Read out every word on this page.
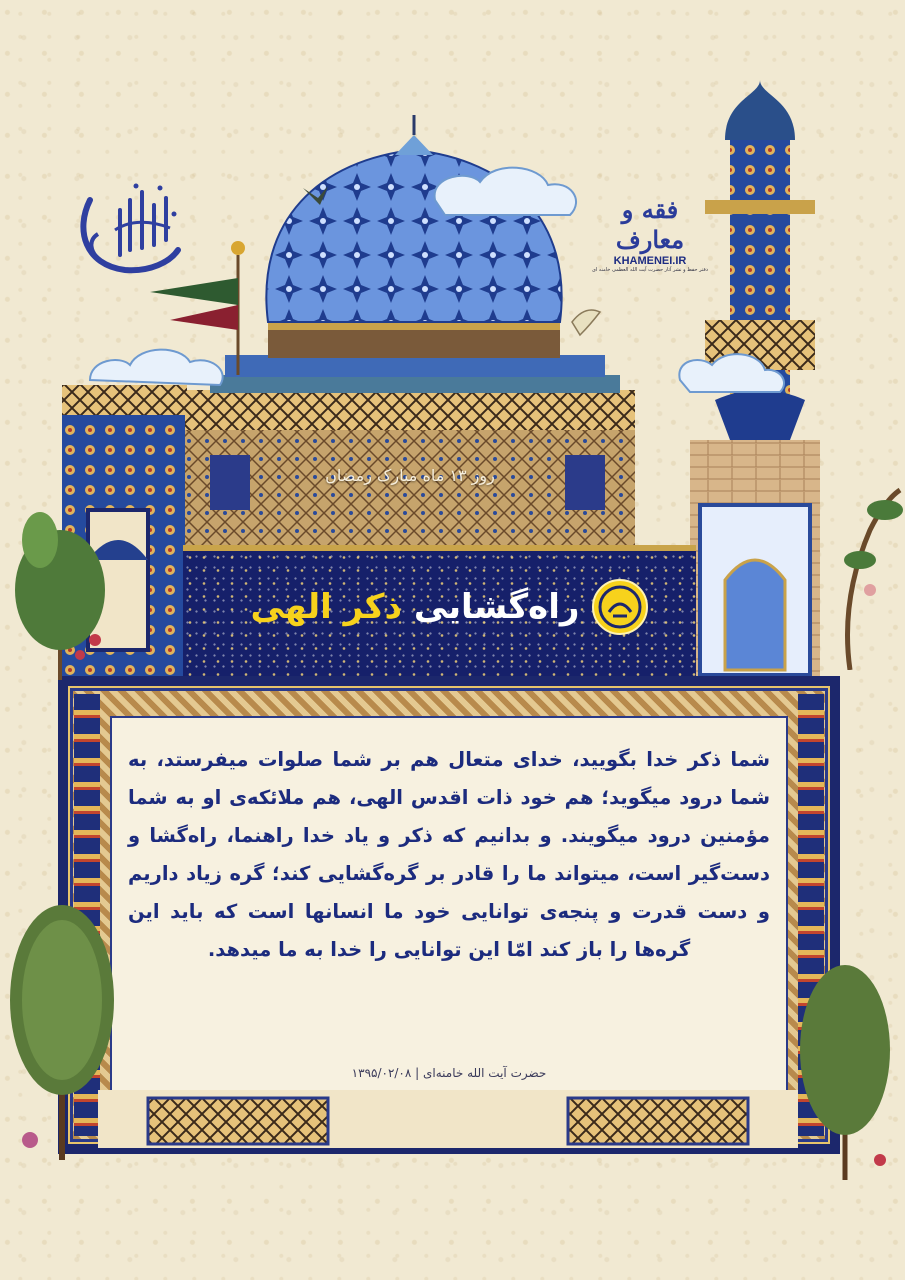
فقه و معارف
KHAMENEI.IR
دفتر حفظ و نشر آثار حضرت آیت الله العظمی خامنه ای
روز ۱۳ ماه مبارک رمضان
راه‌گشایی ذکر الهی
شما ذکر خدا بگویید، خدای متعال هم بر شما صلوات میفرستد، به شما درود میگوید؛ هم خود ذات اقدس الهی، هم ملائکه‌ی او به شما مؤمنین درود میگویند. و بدانیم که ذکر و یاد خدا راهنما، راه‌گشا و دست‌گیر است، میتواند ما را قادر بر گره‌گشایی کند؛ گره زیاد داریم و دست قدرت و پنجه‌ی توانایی خود ما انسانها است که باید این گره‌ها را باز کند امّا این توانایی را خدا به ما میدهد.
حضرت آیت الله خامنه‌ای | ۱۳۹۵/۰۲/۰۸
